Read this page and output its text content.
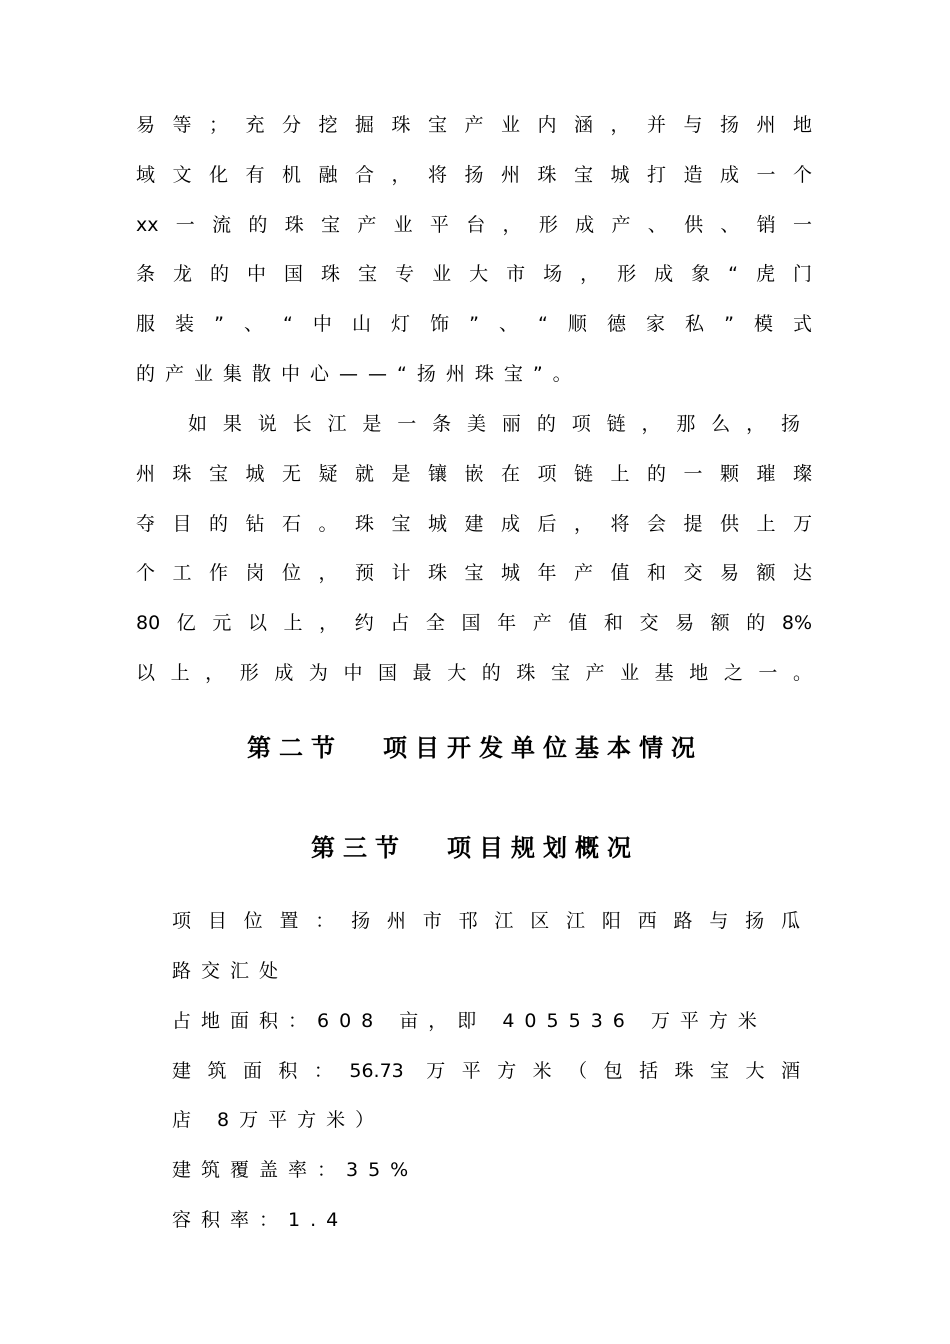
易等；充分挖掘珠宝产业内涵，并与扬州地
域文化有机融合，将扬州珠宝城打造成一个
xx一流的珠宝产业平台，形成产、供、销一
条龙的中国珠宝专业大市场，形成象“虎门
服装”、“中山灯饰”、“顺德家私”模式
的产业集散中心——“扬州珠宝”。
如果说长江是一条美丽的项链，那么，扬
州珠宝城无疑就是镶嵌在项链上的一颗璀璨
夺目的钻石。珠宝城建成后，将会提供上万
个工作岗位，预计珠宝城年产值和交易额达
80亿元以上，约占全国年产值和交易额的8%
以上，形成为中国最大的珠宝产业基地之一。
第二节 项目开发单位基本情况
第三节 项目规划概况
项目位置：扬州市邗江区江阳西路与扬瓜
路交汇处
占地面积：608 亩，即 405536 万平方米
建筑面积：56.73 万平方米（包括珠宝大酒
店 8万平方米）
建筑覆盖率：35%
容积率：1.4
